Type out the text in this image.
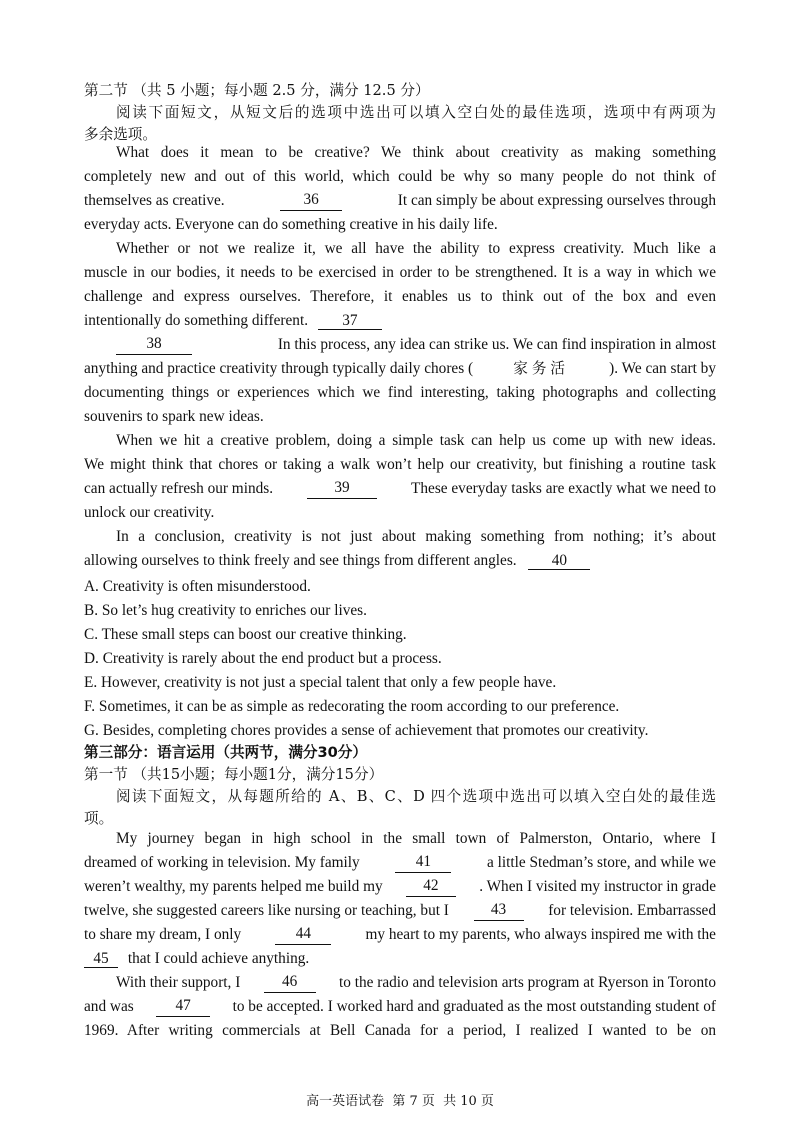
第二节 （共 5 小题；每小题 2.5 分，满分 12.5 分）
阅读下面短文，从短文后的选项中选出可以填入空白处的最佳选项，选项中有两项为
多余选项。
What does it mean to be creative? We think about creativity as making something
completely new and out of this world, which could be why so many people do not think of
themselves as creative.	36	It can simply be about expressing ourselves through
everyday acts. Everyone can do something creative in his daily life.
Whether or not we realize it, we all have the ability to express creativity. Much like a
muscle in our bodies, it needs to be exercised in order to be strengthened. It is a way in which we
challenge and express ourselves. Therefore, it enables us to think out of the box and even
intentionally do something different. 37
38	In this process, any idea can strike us. We can find inspiration in almost
anything and practice creativity through typically daily chores (	家务活	). We can start by
documenting things or experiences which we find interesting, taking photographs and collecting
souvenirs to spark new ideas.
When we hit a creative problem, doing a simple task can help us come up with new ideas.
We might think that chores or taking a walk won’t help our creativity, but finishing a routine task
can actually refresh our minds.	39	These everyday tasks are exactly what we need to
unlock our creativity.
In a conclusion, creativity is not just about making something from nothing; it’s about
allowing ourselves to think freely and see things from different angles. 40
A. Creativity is often misunderstood.
B. So let’s hug creativity to enriches our lives.
C. These small steps can boost our creative thinking.
D. Creativity is rarely about the end product but a process.
E. However, creativity is not just a special talent that only a few people have.
F. Sometimes, it can be as simple as redecorating the room according to our preference.
G. Besides, completing chores provides a sense of achievement that promotes our creativity.
第三部分：语言运用（共两节，满分30分）
第一节 （共15小题；每小题1分，满分15分）
阅读下面短文，从每题所给的 A、B、C、D 四个选项中选出可以填入空白处的最佳选
项。
My journey began in high school in the small town of Palmerston, Ontario, where I
dreamed of working in television. My family	41	a little Stedman’s store, and while we
weren’t wealthy, my parents helped me build my	42	. When I visited my instructor in grade
twelve, she suggested careers like nursing or teaching, but I	43	for television. Embarrassed
to share my dream, I only	44	my heart to my parents, who always inspired me with the
45 that I could achieve anything.
With their support, I	46	to the radio and television arts program at Ryerson in Toronto
and was	47	to be accepted. I worked hard and graduated as the most outstanding student of
1969. After writing commercials at Bell Canada for a period, I realized I wanted to be on
高一英语试卷  第 7 页  共 10 页
